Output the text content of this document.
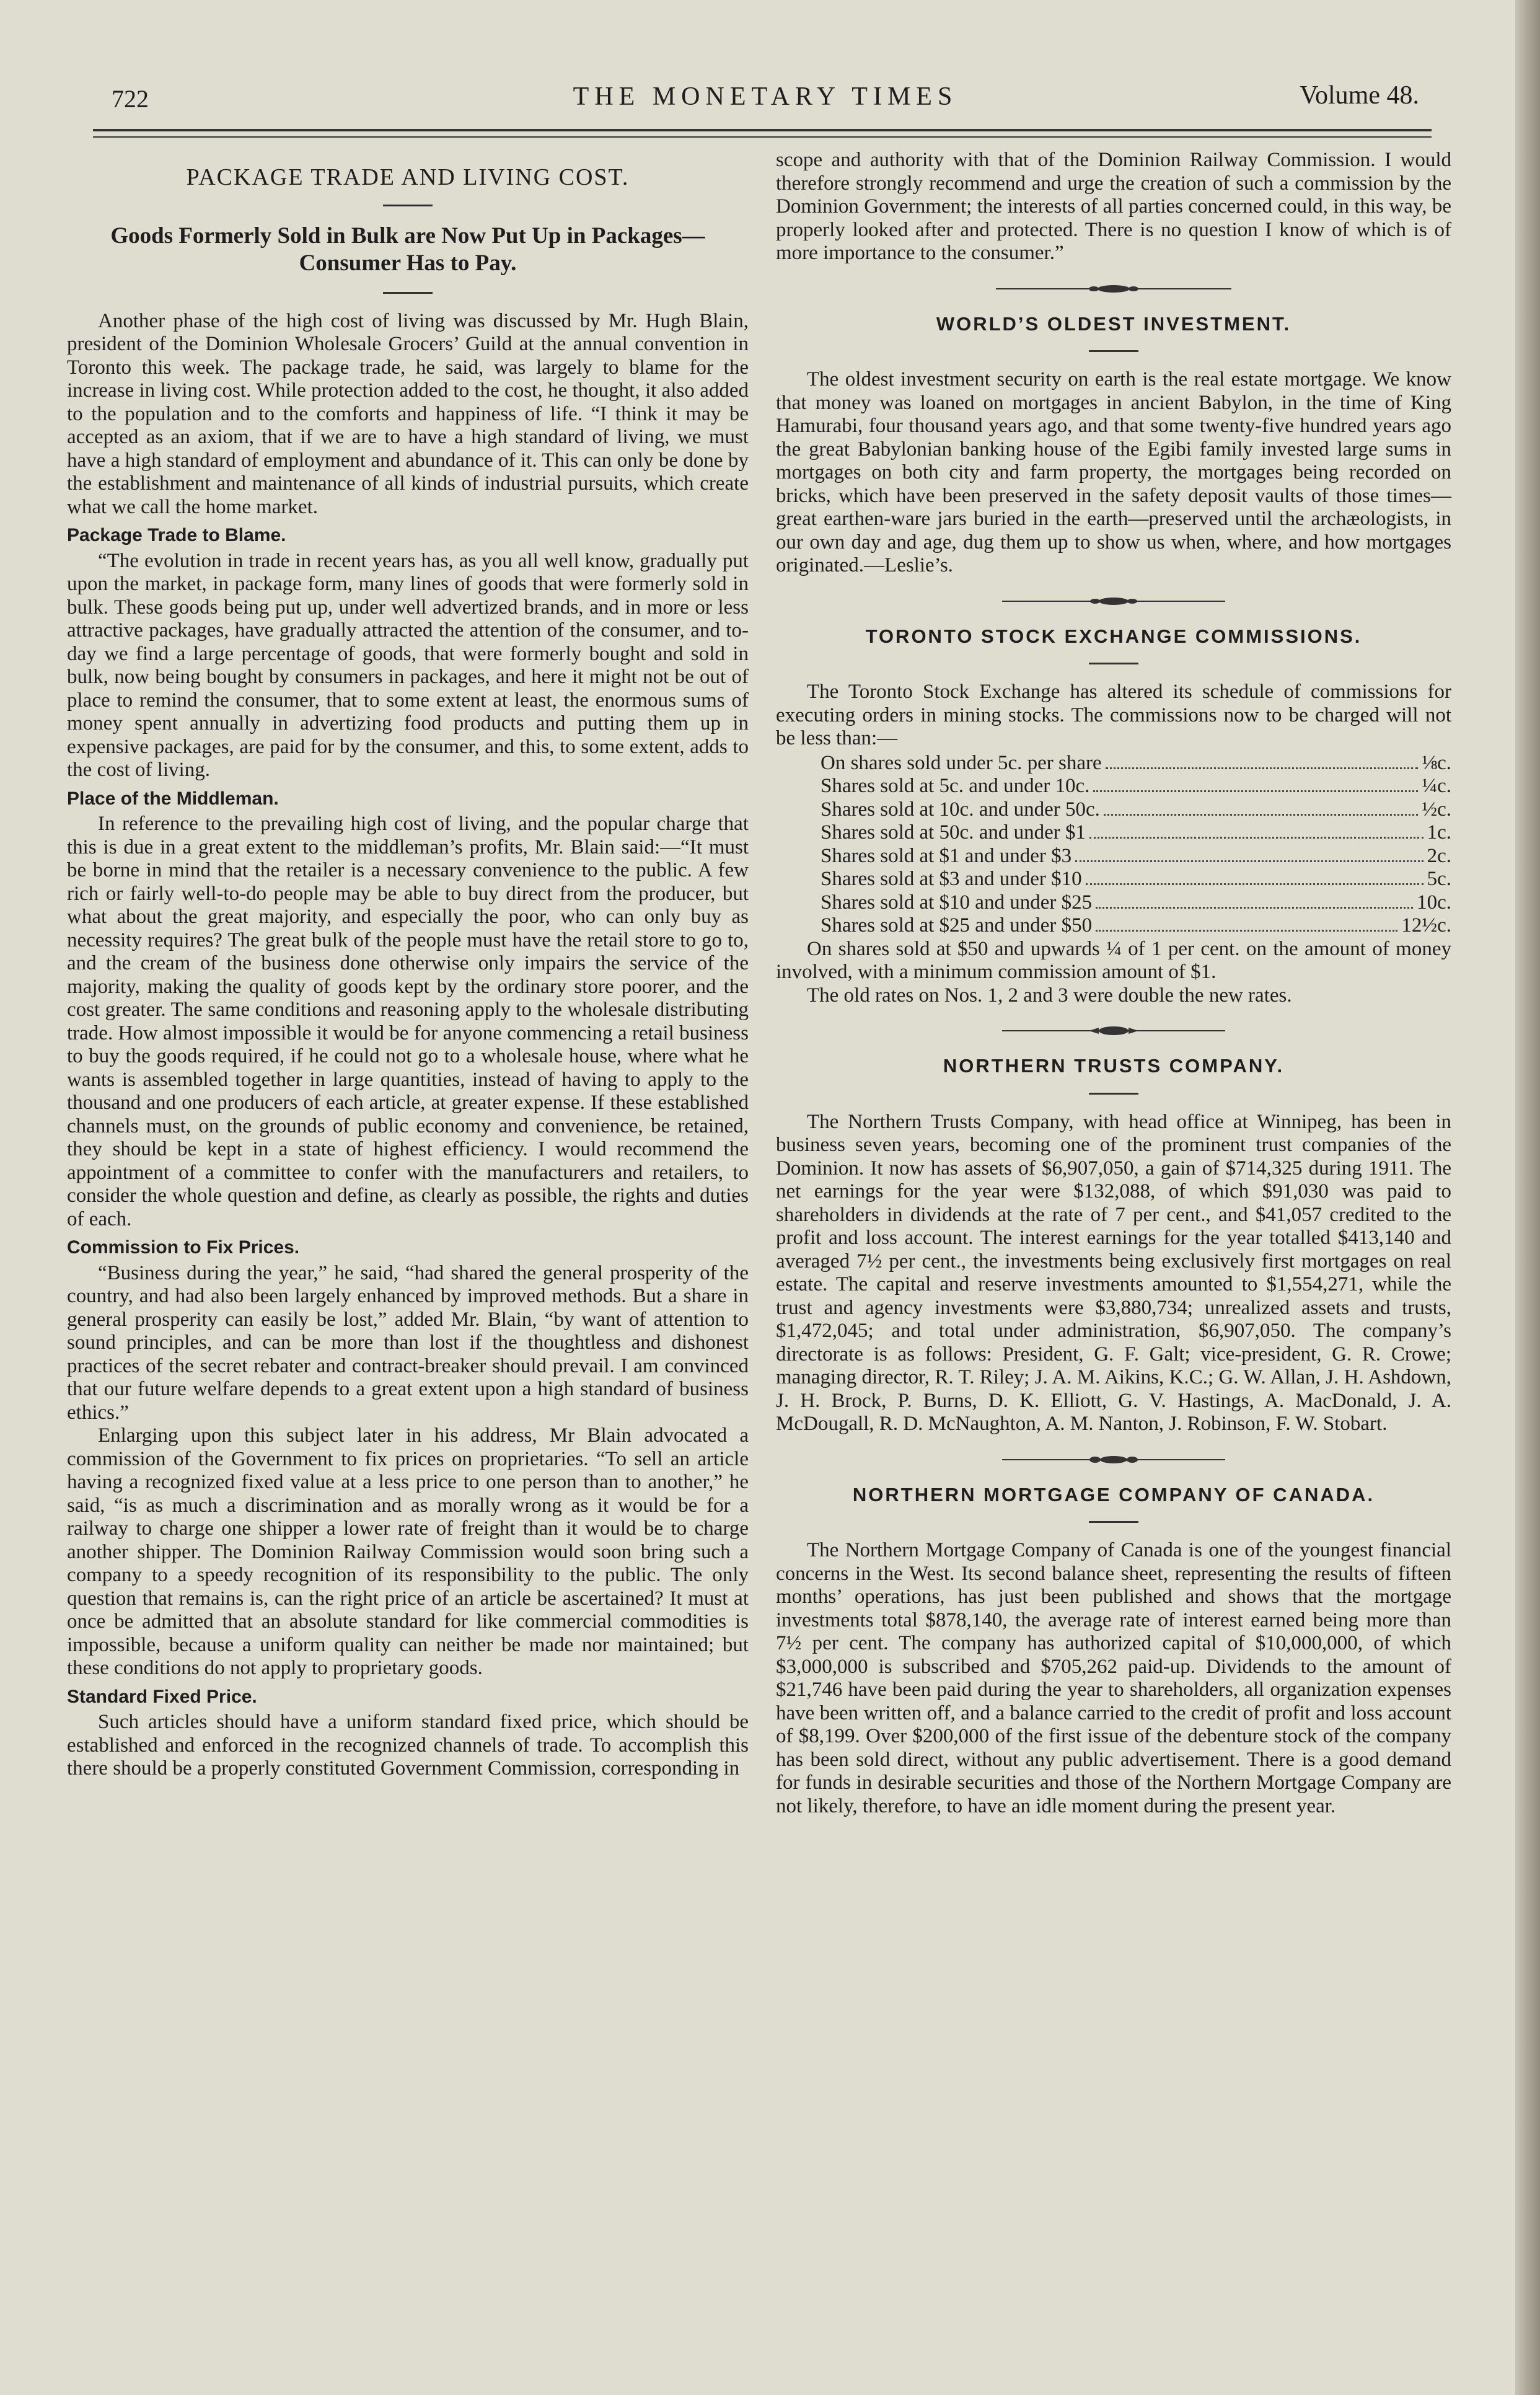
722	THE MONETARY TIMES	Volume 48.
PACKAGE TRADE AND LIVING COST.
Goods Formerly Sold in Bulk are Now Put Up in Packages—Consumer Has to Pay.

Another phase of the high cost of living was discussed by Mr. Hugh Blain, president of the Dominion Wholesale Grocers’ Guild at the annual convention in Toronto this week. The package trade, he said, was largely to blame for the increase in living cost. While protection added to the cost, he thought, it also added to the population and to the comforts and happiness of life. “I think it may be accepted as an axiom, that if we are to have a high standard of living, we must have a high standard of employment and abundance of it. This can only be done by the establishment and maintenance of all kinds of industrial pursuits, which create what we call the home market.

Package Trade to Blame.

“The evolution in trade in recent years has, as you all well know, gradually put upon the market, in package form, many lines of goods that were formerly sold in bulk. These goods being put up, under well advertized brands, and in more or less attractive packages, have gradually attracted the attention of the consumer, and to-day we find a large percentage of goods, that were formerly bought and sold in bulk, now being bought by consumers in packages, and here it might not be out of place to remind the consumer, that to some extent at least, the enormous sums of money spent annually in advertizing food products and putting them up in expensive packages, are paid for by the consumer, and this, to some extent, adds to the cost of living.

Place of the Middleman.

In reference to the prevailing high cost of living, and the popular charge that this is due in a great extent to the middleman’s profits, Mr. Blain said:—“It must be borne in mind that the retailer is a necessary convenience to the public. A few rich or fairly well-to-do people may be able to buy direct from the producer, but what about the great majority, and especially the poor, who can only buy as necessity requires? The great bulk of the people must have the retail store to go to, and the cream of the business done otherwise only impairs the service of the majority, making the quality of goods kept by the ordinary store poorer, and the cost greater. The same conditions and reasoning apply to the wholesale distributing trade. How almost impossible it would be for anyone commencing a retail business to buy the goods required, if he could not go to a wholesale house, where what he wants is assembled together in large quantities, instead of having to apply to the thousand and one producers of each article, at greater expense. If these established channels must, on the grounds of public economy and convenience, be retained, they should be kept in a state of highest efficiency. I would recommend the appointment of a committee to confer with the manufacturers and retailers, to consider the whole question and define, as clearly as possible, the rights and duties of each.

Commission to Fix Prices.

“Business during the year,” he said, “had shared the general prosperity of the country, and had also been largely enhanced by improved methods. But a share in general prosperity can easily be lost,” added Mr. Blain, “by want of attention to sound principles, and can be more than lost if the thoughtless and dishonest practices of the secret rebater and contract-breaker should prevail. I am convinced that our future welfare depends to a great extent upon a high standard of business ethics.”

Enlarging upon this subject later in his address, Mr Blain advocated a commission of the Government to fix prices on proprietaries. “To sell an article having a recognized fixed value at a less price to one person than to another,” he said, “is as much a discrimination and as morally wrong as it would be for a railway to charge one shipper a lower rate of freight than it would be to charge another shipper. The Dominion Railway Commission would soon bring such a company to a speedy recognition of its responsibility to the public. The only question that remains is, can the right price of an article be ascertained? It must at once be admitted that an absolute standard for like commercial commodities is impossible, because a uniform quality can neither be made nor maintained; but these conditions do not apply to proprietary goods.

Standard Fixed Price.

Such articles should have a uniform standard fixed price, which should be established and enforced in the recognized channels of trade. To accomplish this there should be a properly constituted Government Commission, corresponding in

scope and authority with that of the Dominion Railway Commission. I would therefore strongly recommend and urge the creation of such a commission by the Dominion Government; the interests of all parties concerned could, in this way, be properly looked after and protected. There is no question I know of which is of more importance to the consumer.”

WORLD’S OLDEST INVESTMENT.

The oldest investment security on earth is the real estate mortgage. We know that money was loaned on mortgages in ancient Babylon, in the time of King Hamurabi, four thousand years ago, and that some twenty-five hundred years ago the great Babylonian banking house of the Egibi family invested large sums in mortgages on both city and farm property, the mortgages being recorded on bricks, which have been preserved in the safety deposit vaults of those times—great earthen-ware jars buried in the earth—preserved until the archæologists, in our own day and age, dug them up to show us when, where, and how mortgages originated.—Leslie’s.

TORONTO STOCK EXCHANGE COMMISSIONS.

The Toronto Stock Exchange has altered its schedule of commissions for executing orders in mining stocks. The commissions now to be charged will not be less than:—

On shares sold under 5c. per share	⅛c.
Shares sold at 5c. and under 10c.	¼c.
Shares sold at 10c. and under 50c.	½c.
Shares sold at 50c. and under $1	1c.
Shares sold at $1 and under $3	2c.
Shares sold at $3 and under $10	5c.
Shares sold at $10 and under $25	10c.
Shares sold at $25 and under $50	12½c.

On shares sold at $50 and upwards ¼ of 1 per cent. on the amount of money involved, with a minimum commission amount of $1.

The old rates on Nos. 1, 2 and 3 were double the new rates.

NORTHERN TRUSTS COMPANY.

The Northern Trusts Company, with head office at Winnipeg, has been in business seven years, becoming one of the prominent trust companies of the Dominion. It now has assets of $6,907,050, a gain of $714,325 during 1911. The net earnings for the year were $132,088, of which $91,030 was paid to shareholders in dividends at the rate of 7 per cent., and $41,057 credited to the profit and loss account. The interest earnings for the year totalled $413,140 and averaged 7½ per cent., the investments being exclusively first mortgages on real estate. The capital and reserve investments amounted to $1,554,271, while the trust and agency investments were $3,880,734; unrealized assets and trusts, $1,472,045; and total under administration, $6,907,050. The company’s directorate is as follows: President, G. F. Galt; vice-president, G. R. Crowe; managing director, R. T. Riley; J. A. M. Aikins, K.C.; G. W. Allan, J. H. Ashdown, J. H. Brock, P. Burns, D. K. Elliott, G. V. Hastings, A. MacDonald, J. A. McDougall, R. D. McNaughton, A. M. Nanton, J. Robinson, F. W. Stobart.

NORTHERN MORTGAGE COMPANY OF CANADA.

The Northern Mortgage Company of Canada is one of the youngest financial concerns in the West. Its second balance sheet, representing the results of fifteen months’ operations, has just been published and shows that the mortgage investments total $878,140, the average rate of interest earned being more than 7½ per cent. The company has authorized capital of $10,000,000, of which $3,000,000 is subscribed and $705,262 paid-up. Dividends to the amount of $21,746 have been paid during the year to shareholders, all organization expenses have been written off, and a balance carried to the credit of profit and loss account of $8,199. Over $200,000 of the first issue of the debenture stock of the company has been sold direct, without any public advertisement. There is a good demand for funds in desirable securities and those of the Northern Mortgage Company are not likely, therefore, to have an idle moment during the present year.
